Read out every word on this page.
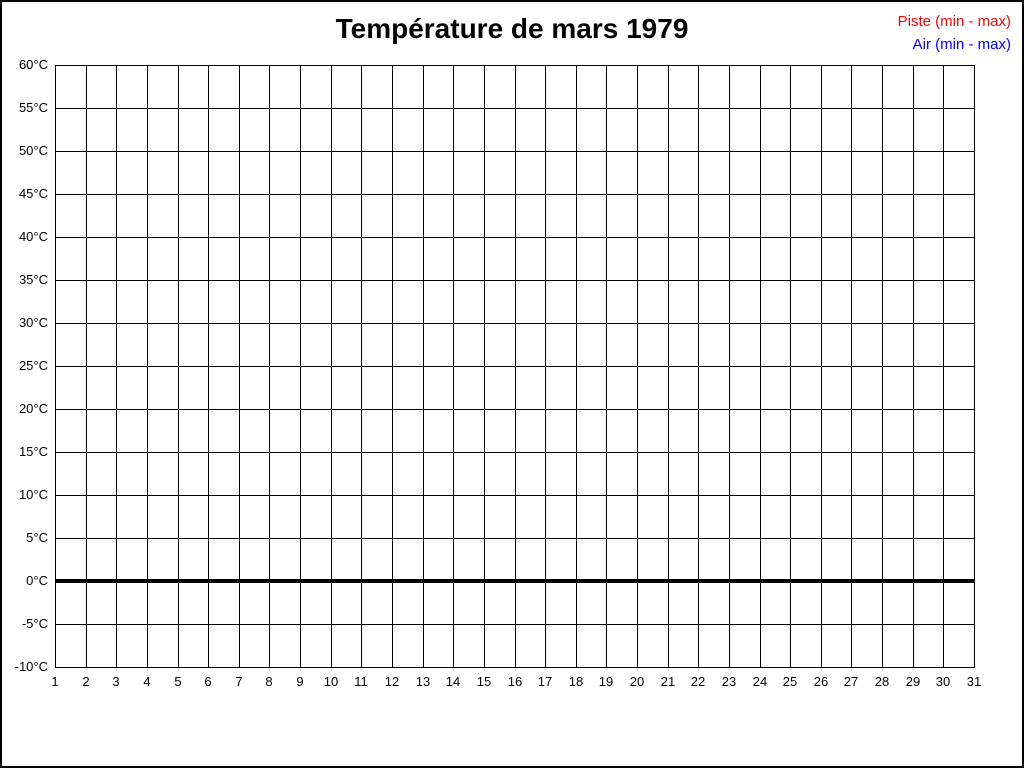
Température de mars 1979	Piste (min - max)
Air (min - max)
60°C
55°C
50°C
45°C
40°C
35°C
30°C
25°C
20°C
15°C
10°C
5°C
0°C
-5°C
-10°C
1	2	3	4	5	6	7	8	9	10	11	12	13	14	15	16	17	18	19	20	21	22	23	24	25	26	27	28	29	30	31
